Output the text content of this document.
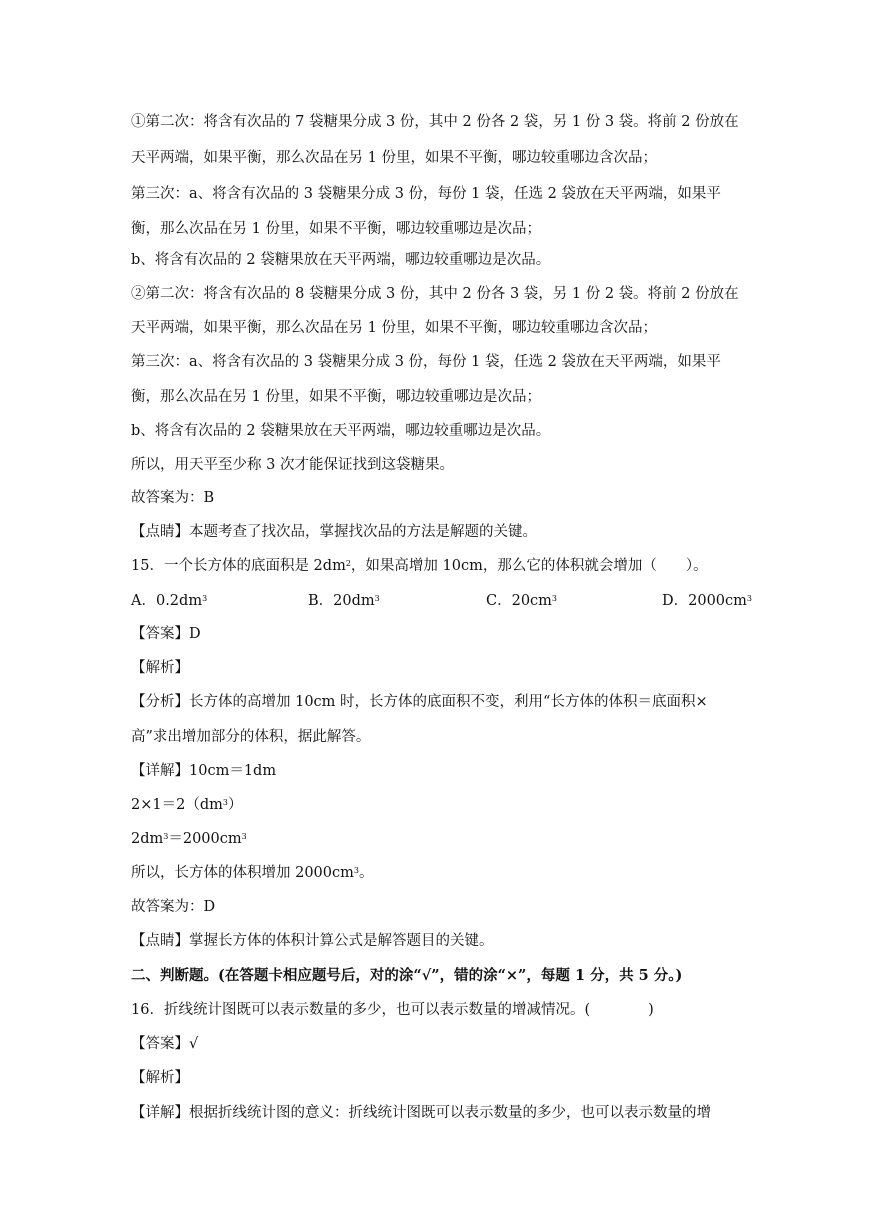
①第二次：将含有次品的 7 袋糖果分成 3 份，其中 2 份各 2 袋，另 1 份 3 袋。将前 2 份放在
天平两端，如果平衡，那么次品在另 1 份里，如果不平衡，哪边较重哪边含次品；
第三次：a、将含有次品的 3 袋糖果分成 3 份，每份 1 袋，任选 2 袋放在天平两端，如果平
衡，那么次品在另 1 份里，如果不平衡，哪边较重哪边是次品；
b、将含有次品的 2 袋糖果放在天平两端，哪边较重哪边是次品。
②第二次：将含有次品的 8 袋糖果分成 3 份，其中 2 份各 3 袋，另 1 份 2 袋。将前 2 份放在
天平两端，如果平衡，那么次品在另 1 份里，如果不平衡，哪边较重哪边含次品；
第三次：a、将含有次品的 3 袋糖果分成 3 份，每份 1 袋，任选 2 袋放在天平两端，如果平
衡，那么次品在另 1 份里，如果不平衡，哪边较重哪边是次品；
b、将含有次品的 2 袋糖果放在天平两端，哪边较重哪边是次品。
所以，用天平至少称 3 次才能保证找到这袋糖果。
故答案为：B
【点睛】本题考查了找次品，掌握找次品的方法是解题的关键。
15．一个长方体的底面积是 $2dm^2$，如果高增加 10cm，那么它的体积就会增加（　　）。
A．$0.2dm^3$	B．$20dm^3$	C．$20cm^3$	D．$2000cm^3$
【答案】D
【解析】
【分析】长方体的高增加 10cm 时，长方体的底面积不变，利用“长方体的体积＝底面积×
高”求出增加部分的体积，据此解答。
【详解】10cm＝1dm
$2\times 1=2(dm^3)$
$2dm^3=2000cm^3$
所以，长方体的体积增加 $2000cm^3$。
故答案为：D
【点睛】掌握长方体的体积计算公式是解答题目的关键。
二、判断题。(在答题卡相应题号后，对的涂“√”，错的涂“×”，每题 1 分，共 5 分。)
16．折线统计图既可以表示数量的多少，也可以表示数量的增减情况。(　　　　)
【答案】√
【解析】
【详解】根据折线统计图的意义：折线统计图既可以表示数量的多少，也可以表示数量的增
